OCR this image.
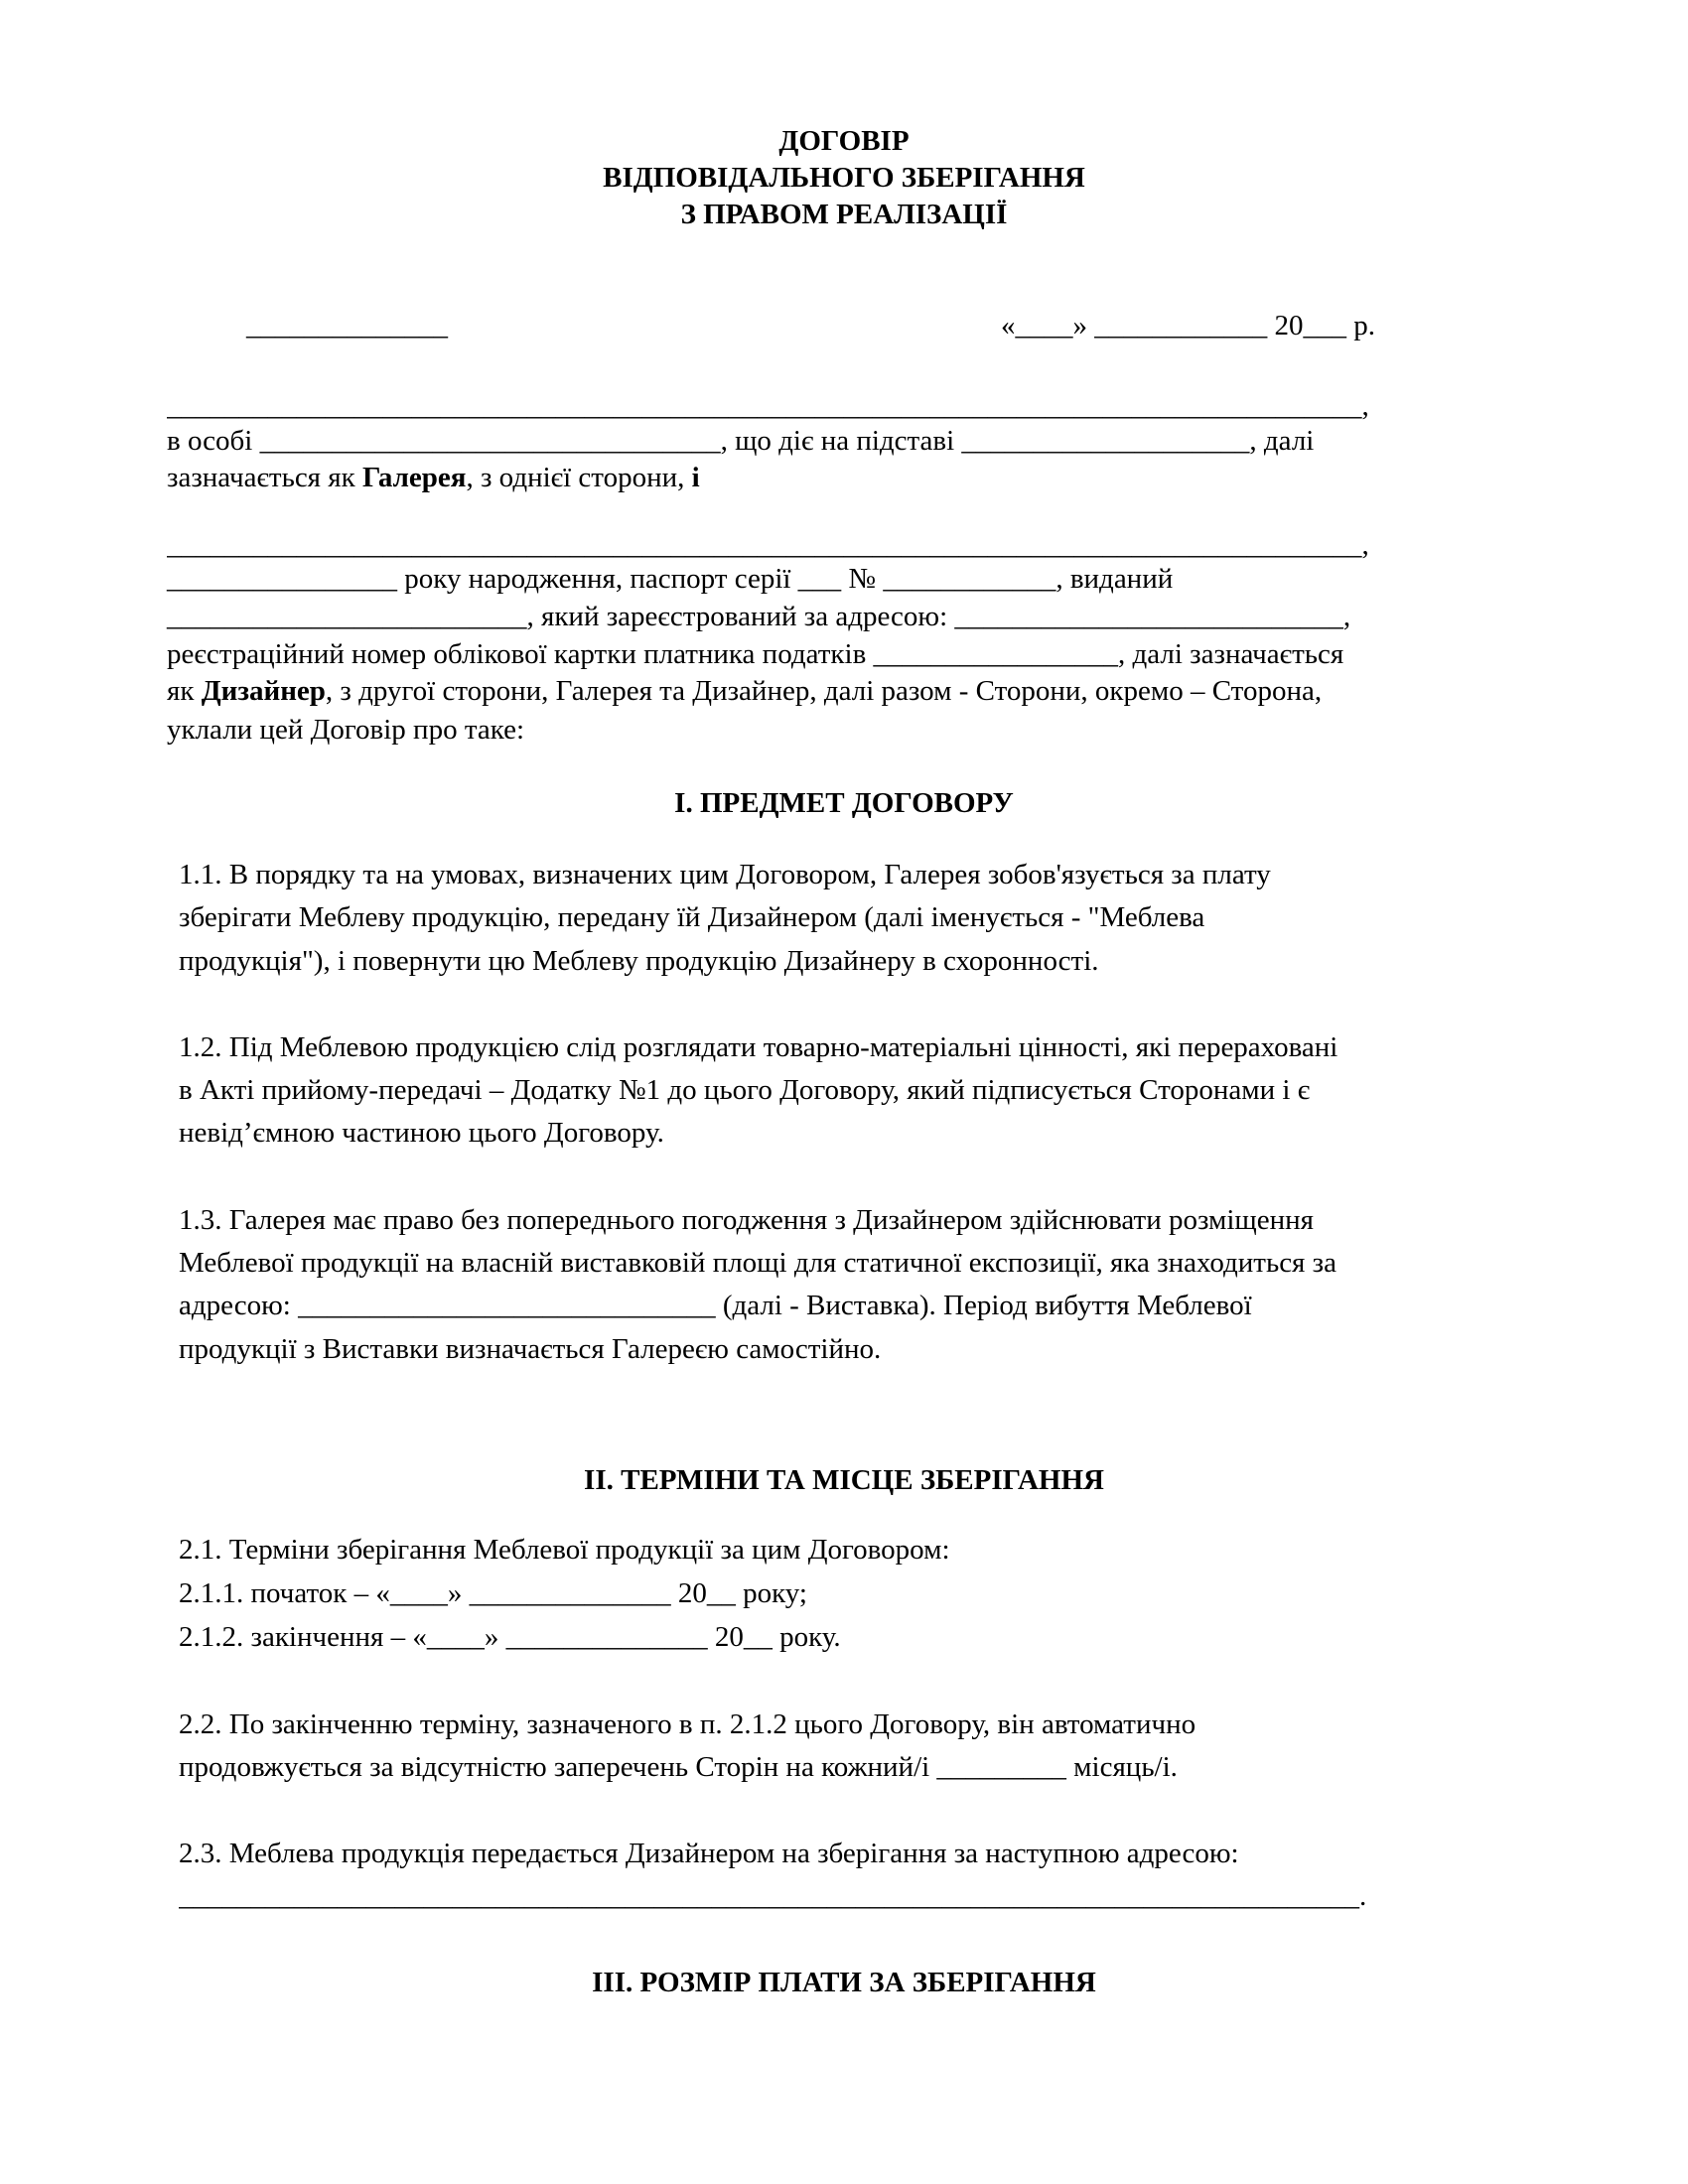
ДОГОВІР
ВІДПОВІДАЛЬНОГО ЗБЕРІГАННЯ
З ПРАВОМ РЕАЛІЗАЦІЇ
______________	«____» ____________ 20___ р.
___________________________________________________________________________________,
в особі ________________________________, що діє на підставі ____________________, далі
зазначається як Галерея, з однієї сторони, і
___________________________________________________________________________________,
________________ року народження, паспорт серії ___ № ____________, виданий
_________________________, який зареєстрований за адресою: ___________________________,
реєстраційний номер облікової картки платника податків _________________, далі зазначається
як Дизайнер, з другої сторони, Галерея та Дизайнер, далі разом - Сторони, окремо – Сторона,
уклали цей Договір про таке:
І. ПРЕДМЕТ ДОГОВОРУ
1.1. В порядку та на умовах, визначених цим Договором, Галерея зобов'язується за плату
зберігати Меблеву продукцію, передану їй Дизайнером (далі іменується - "Меблева
продукція"), і повернути цю Меблеву продукцію Дизайнеру в схоронності.
1.2. Під Меблевою продукцією слід розглядати товарно-матеріальні цінності, які перераховані
в Акті прийому-передачі – Додатку №1 до цього Договору, який підписується Сторонами і є
невід’ємною частиною цього Договору.
1.3. Галерея має право без попереднього погодження з Дизайнером здійснювати розміщення
Меблевої продукції на власній виставковій площі для статичної експозиції, яка знаходиться за
адресою: _____________________________ (далі - Виставка). Період вибуття Меблевої
продукції з Виставки визначається Галереєю самостійно.
ІІ. ТЕРМІНИ ТА МІСЦЕ ЗБЕРІГАННЯ
2.1. Терміни зберігання Меблевої продукції за цим Договором:
2.1.1. початок – «____» ______________ 20__ року;
2.1.2. закінчення – «____» ______________ 20__ року.
2.2. По закінченню терміну, зазначеного в п. 2.1.2 цього Договору, він автоматично
продовжується за відсутністю заперечень Сторін на кожний/і _________ місяць/і.
2.3. Меблева продукція передається Дизайнером на зберігання за наступною адресою:
__________________________________________________________________________________.
ІІІ. РОЗМІР ПЛАТИ ЗА ЗБЕРІГАННЯ
